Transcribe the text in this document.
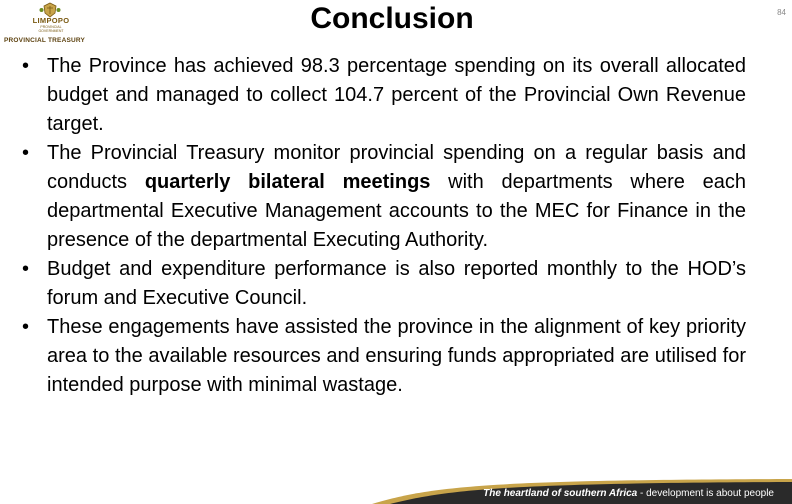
LIMPOPO
PROVINCIAL GOVERNMENT
PROVINCIAL TREASURY
Conclusion	84
• The Province has achieved 98.3 percentage spending on its overall allocated budget and managed to collect 104.7 percent of the Provincial Own Revenue target.
• The Provincial Treasury monitor provincial spending on a regular basis and conducts quarterly bilateral meetings with departments where each departmental Executive Management accounts to the MEC for Finance in the presence of the departmental Executing Authority.
• Budget and expenditure performance is also reported monthly to the HOD’s forum and Executive Council.
• These engagements have assisted the province in the alignment of key priority area to the available resources and ensuring funds appropriated are utilised for intended purpose with minimal wastage.
The heartland of southern Africa - development is about people
